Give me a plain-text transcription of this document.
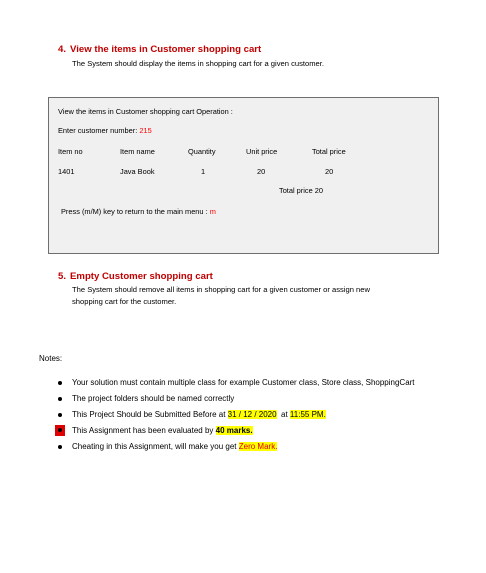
4. View the items in Customer shopping cart
The System should display the items in shopping cart for a given customer.
View the items in Customer shopping cart Operation :
Enter customer number: 215
Item no	Item name	Quantity	Unit price	Total price
1401	Java Book	1	20	20
Total price 20
Press (m/M) key to return to the main menu : m
5. Empty Customer shopping cart
The System should remove all items in shopping cart for a given customer or assign new
shopping cart for the customer.
Notes:
Your solution must contain multiple class for example Customer class, Store class, ShoppingCart
The project folders should be named correctly
This Project Should be Submitted Before at 31 / 12 / 2020  at 11:55 PM.
This Assignment has been evaluated by 40 marks.
Cheating in this Assignment, will make you get Zero Mark.
